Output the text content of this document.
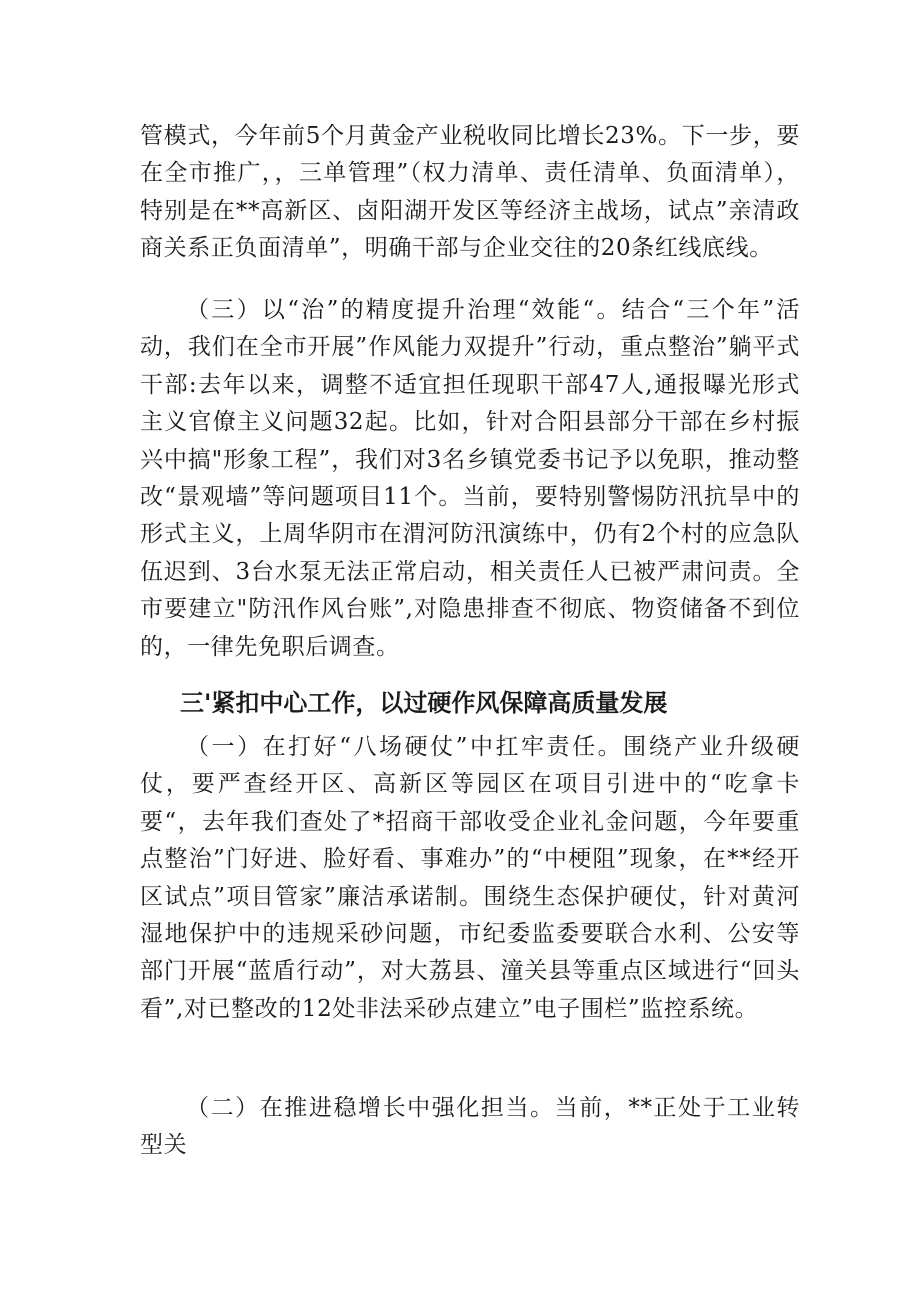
管模式，今年前5个月黄金产业税收同比增长23%。下一步，要在全市推广，，三单管理”（权力清单、责任清单、负面清单），特别是在**高新区、卤阳湖开发区等经济主战场，试点”亲清政商关系正负面清单”，明确干部与企业交往的20条红线底线。

（三）以“治”的精度提升治理“效能“。结合“三个年”活动，我们在全市开展”作风能力双提升”行动，重点整治”躺平式干部:去年以来，调整不适宜担任现职干部47人,通报曝光形式主义官僚主义问题32起。比如，针对合阳县部分干部在乡村振兴中搞"形象工程”，我们对3名乡镇党委书记予以免职，推动整改“景观墙”等问题项目11个。当前，要特别警惕防汛抗旱中的形式主义，上周华阴市在渭河防汛演练中，仍有2个村的应急队伍迟到、3台水泵无法正常启动，相关责任人已被严肃问责。全市要建立"防汛作风台账”,对隐患排查不彻底、物资储备不到位的，一律先免职后调查。

三'紧扣中心工作，以过硬作风保障高质量发展

（一）在打好“八场硬仗”中扛牢责任。围绕产业升级硬仗，要严查经开区、高新区等园区在项目引进中的“吃拿卡要“，去年我们查处了*招商干部收受企业礼金问题，今年要重点整治”门好进、脸好看、事难办”的“中梗阻”现象，在**经开区试点”项目管家”廉洁承诺制。围绕生态保护硬仗，针对黄河湿地保护中的违规采砂问题，市纪委监委要联合水利、公安等部门开展“蓝盾行动”，对大荔县、潼关县等重点区域进行“回头看”,对已整改的12处非法采砂点建立”电子围栏”监控系统。

（二）在推进稳增长中强化担当。当前，**正处于工业转型关
